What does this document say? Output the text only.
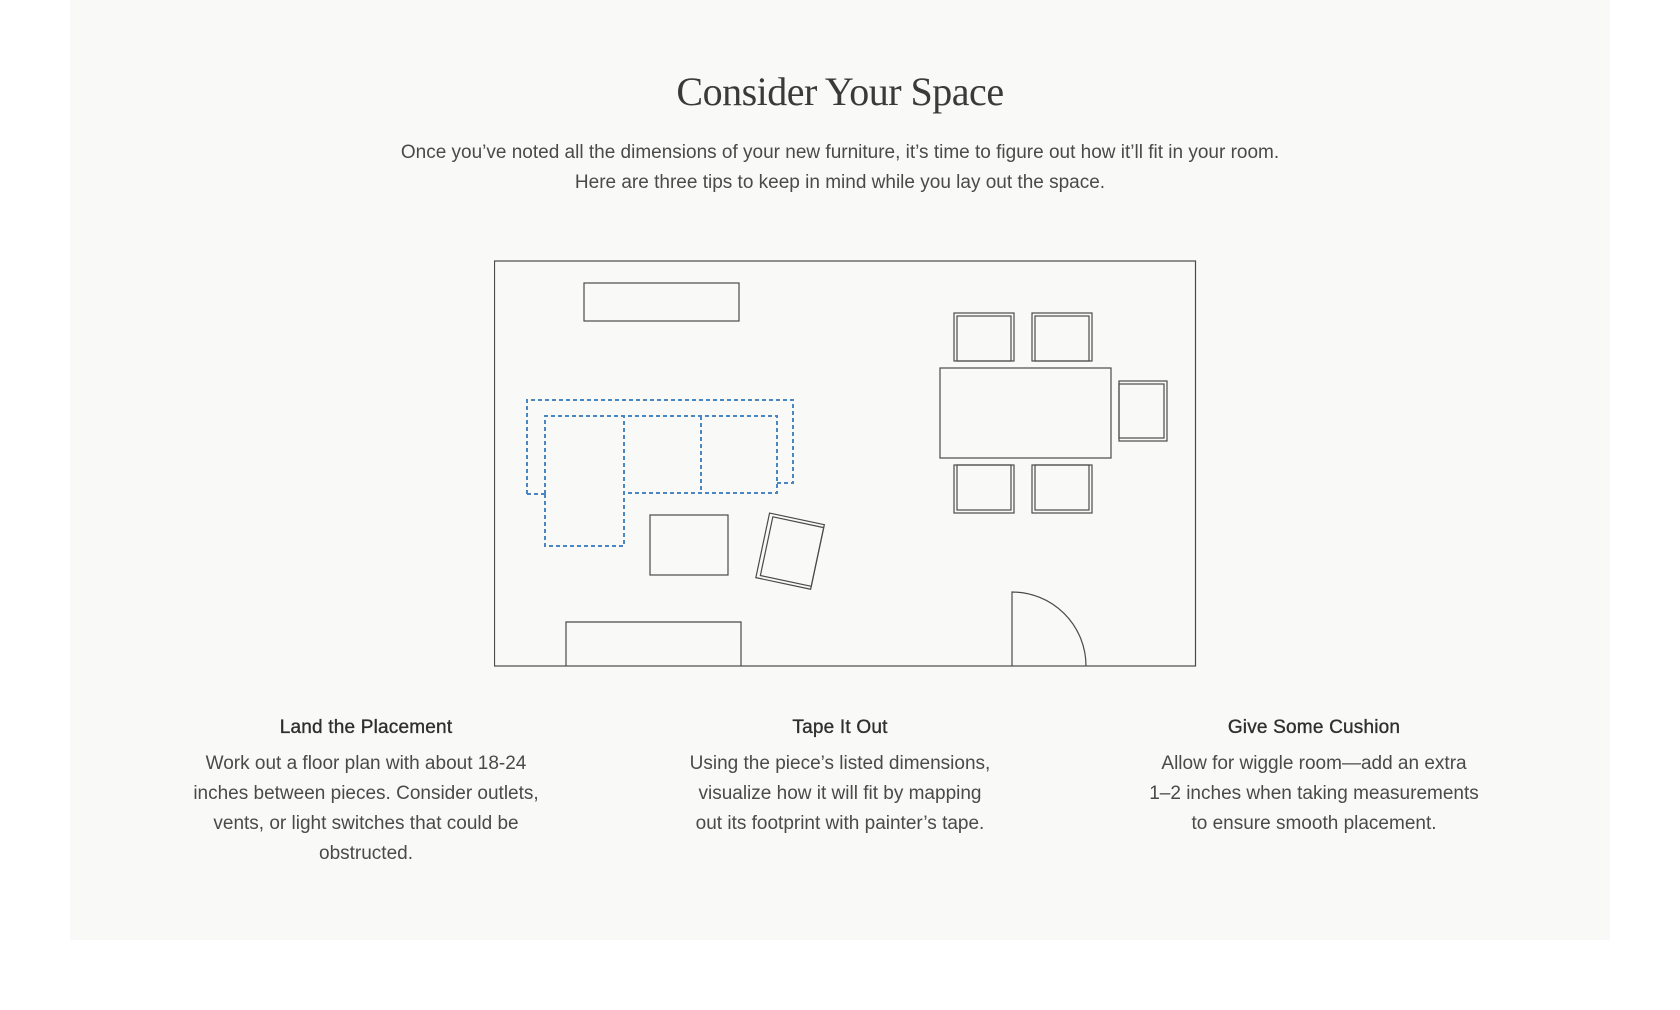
Consider Your Space

Once you’ve noted all the dimensions of your new furniture, it’s time to figure out how it’ll fit in your room.

Here are three tips to keep in mind while you lay out the space.

Land the Placement

Work out a floor plan with about 18-24

inches between pieces. Consider outlets,

vents, or light switches that could be

obstructed.

Tape It Out

Using the piece’s listed dimensions,

visualize how it will fit by mapping

out its footprint with painter’s tape.

Give Some Cushion

Allow for wiggle room—add an extra

1–2 inches when taking measurements

to ensure smooth placement.
